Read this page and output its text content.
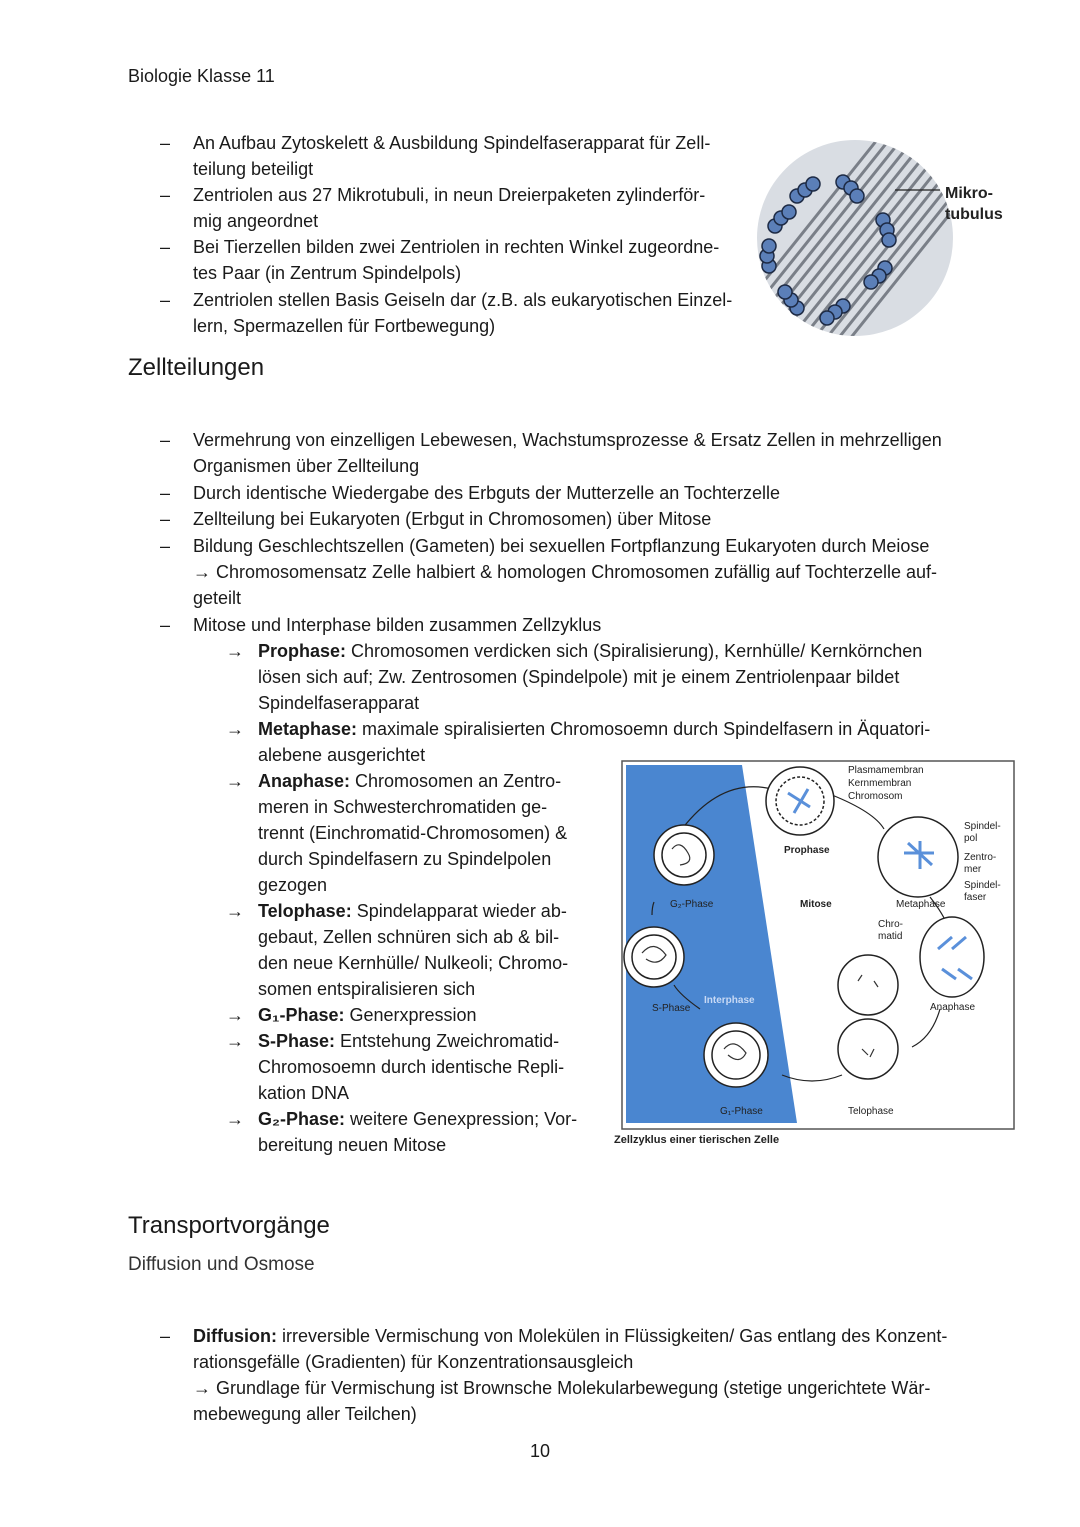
Biologie Klasse 11
– An Aufbau Zytoskelett & Ausbildung Spindelfaserapparat für Zell-
teilung beteiligt
– Zentriolen aus 27 Mikrotubuli, in neun Dreierpaketen zylinderför-
mig angeordnet
– Bei Tierzellen bilden zwei Zentriolen in rechten Winkel zugeordne-
tes Paar (in Zentrum Spindelpols)
– Zentriolen stellen Basis Geiseln dar (z.B. als eukaryotischen Einzel-
lern, Spermazellen für Fortbewegung)
Mikro-
tubulus
Zellteilungen
– Vermehrung von einzelligen Lebewesen, Wachstumsprozesse & Ersatz Zellen in mehrzelligen
Organismen über Zellteilung
– Durch identische Wiedergabe des Erbguts der Mutterzelle an Tochterzelle
– Zellteilung bei Eukaryoten (Erbgut in Chromosomen) über Mitose
– Bildung Geschlechtszellen (Gameten) bei sexuellen Fortpflanzung Eukaryoten durch Meiose
→ Chromosomensatz Zelle halbiert & homologen Chromosomen zufällig auf Tochterzelle auf-
geteilt
– Mitose und Interphase bilden zusammen Zellzyklus
→ Prophase: Chromosomen verdicken sich (Spiralisierung), Kernhülle/ Kernkörnchen
lösen sich auf; Zw. Zentrosomen (Spindelpole) mit je einem Zentriolenpaar bildet
Spindelfaserapparat
→ Metaphase: maximale spiralisierten Chromosoemn durch Spindelfasern in Äquatori-
alebene ausgerichtet
→ Anaphase: Chromosomen an Zentro-
meren in Schwesterchromatiden ge-
trennt (Einchromatid-Chromosomen) &
durch Spindelfasern zu Spindelpolen
gezogen
→ Telophase: Spindelapparat wieder ab-
gebaut, Zellen schnüren sich ab & bil-
den neue Kernhülle/ Nulkeoli; Chromo-
somen entspiralisieren sich
→ G₁-Phase: Generxpression
→ S-Phase: Entstehung Zweichromatid-
Chromosoemn durch identische Repli-
kation DNA
→ G₂-Phase: weitere Genexpression; Vor-
bereitung neuen Mitose
Plasmamembran
Kernmembran
Chromosom
Prophase
Spindel-
pol
Zentro-
mer
Spindel-
faser
G₂-Phase	Mitose	Metaphase
Chro-
matid
S-Phase
Interphase
Anaphase
G₁-Phase	Telophase
Zellzyklus einer tierischen Zelle
Transportvorgänge
Diffusion und Osmose
– Diffusion: irreversible Vermischung von Molekülen in Flüssigkeiten/ Gas entlang des Konzent-
rationsgefälle (Gradienten) für Konzentrationsausgleich
→ Grundlage für Vermischung ist Brownsche Molekularbewegung (stetige ungerichtete Wär-
mebewegung aller Teilchen)
10
